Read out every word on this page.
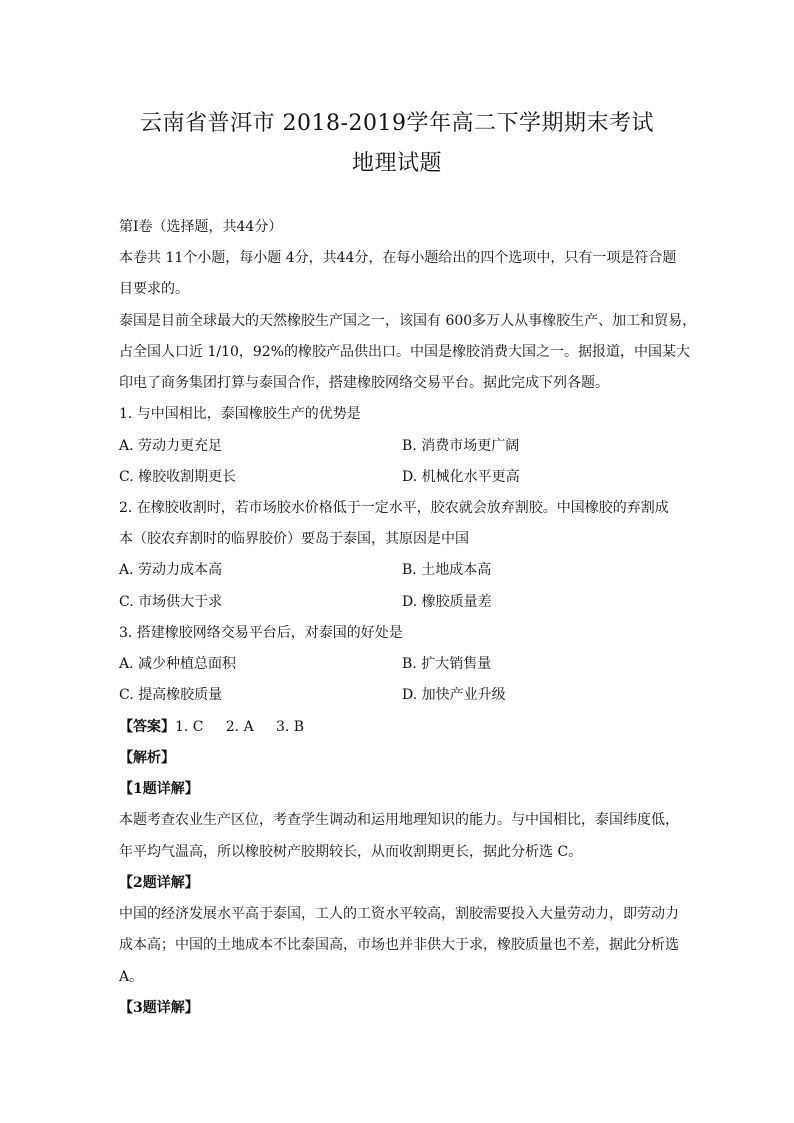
云南省普洱市 2018-2019学年高二下学期期末考试
地理试题
第Ⅰ卷（选择题，共44分）
本卷共 11个小题，每小题 4分，共44分，在每小题给出的四个选项中，只有一项是符合题
目要求的。
泰国是目前全球最大的天然橡胶生产国之一，该国有 600多万人从事橡胶生产、加工和贸易，
占全国人口近 1/10，92%的橡胶产品供出口。中国是橡胶消费大国之一。据报道，中国某大
印电了商务集团打算与泰国合作，搭建橡胶网络交易平台。据此完成下列各题。
1. 与中国相比，泰国橡胶生产的优势是
A. 劳动力更充足	B. 消费市场更广阔
C. 橡胶收割期更长	D. 机械化水平更高
2. 在橡胶收割时，若市场胶水价格低于一定水平，胶农就会放弃割胶。中国橡胶的弃割成
本（胶农弃割时的临界胶价）要岛于泰国，其原因是中国
A. 劳动力成本高	B. 土地成本高
C. 市场供大于求	D. 橡胶质量差
3. 搭建橡胶网络交易平台后，对泰国的好处是
A. 减少种植总面积	B. 扩大销售量
C. 提高橡胶质量	D. 加快产业升级
【答案】1. C     2. A     3. B
【解析】
【1题详解】
本题考查农业生产区位，考查学生调动和运用地理知识的能力。与中国相比，泰国纬度低，
年平均气温高，所以橡胶树产胶期较长，从而收割期更长，据此分析选 C。
【2题详解】
中国的经济发展水平高于泰国，工人的工资水平较高，割胶需要投入大量劳动力，即劳动力
成本高；中国的土地成本不比泰国高，市场也并非供大于求，橡胶质量也不差，据此分析选
A。
【3题详解】
